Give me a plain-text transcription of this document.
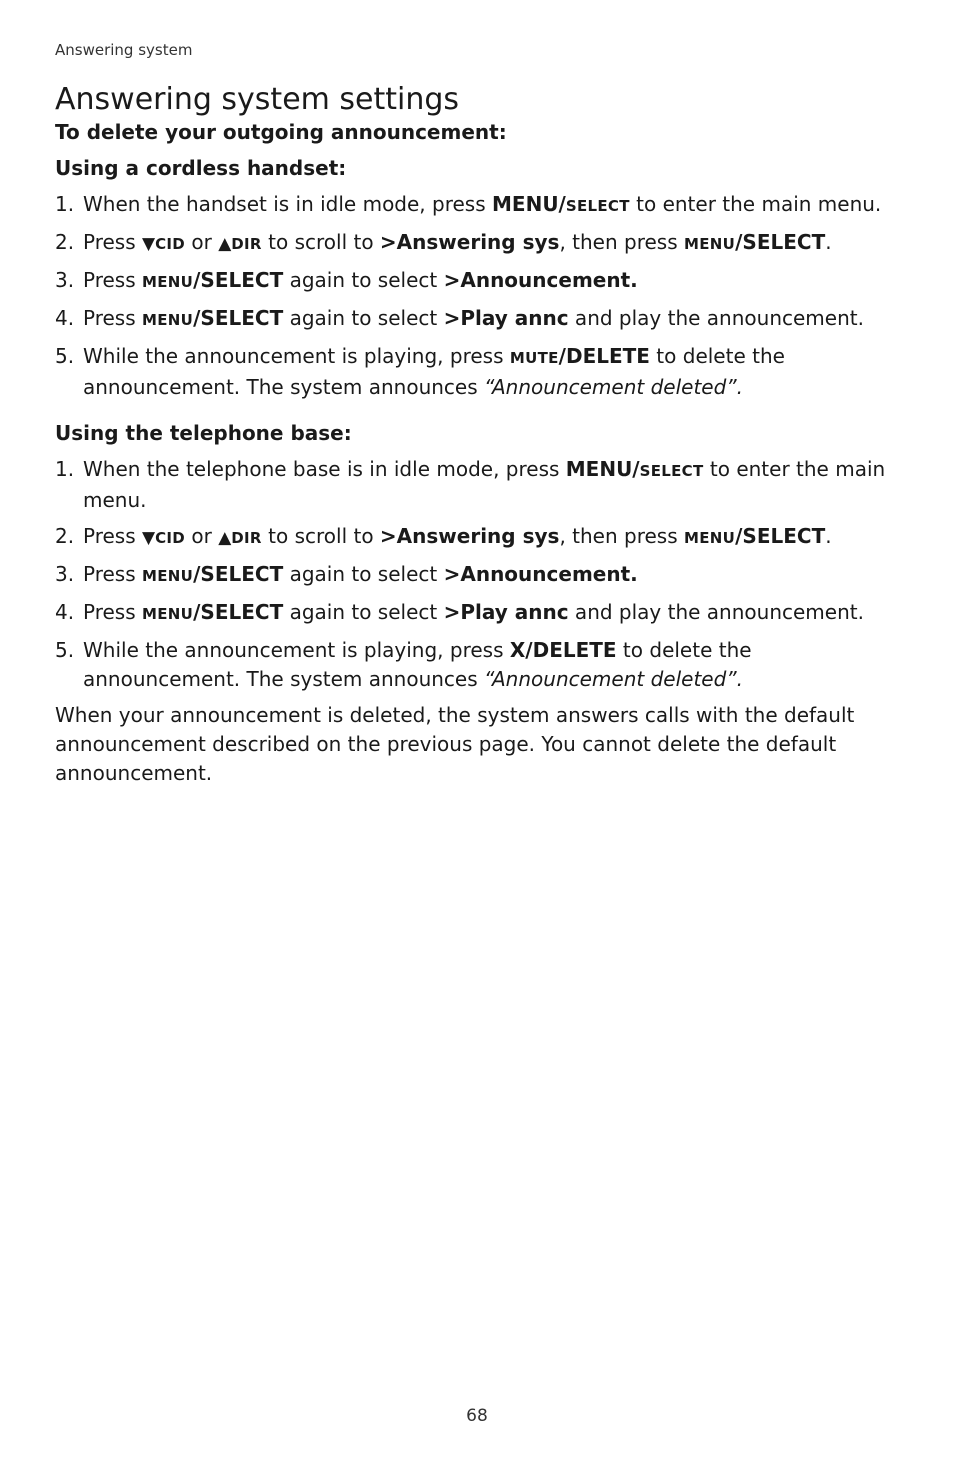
Answering system
Answering system settings

To delete your outgoing announcement:

Using a cordless handset:

1. When the handset is in idle mode, press MENU/SELECT to enter the main menu.
2. Press ▼CID or ▲DIR to scroll to >Answering sys, then press MENU/SELECT.
3. Press MENU/SELECT again to select >Announcement.
4. Press MENU/SELECT again to select >Play annc and play the announcement.
5. While the announcement is playing, press MUTE/DELETE to delete the announcement. The system announces “Announcement deleted”.

Using the telephone base:

1. When the telephone base is in idle mode, press MENU/SELECT to enter the main menu.
2. Press ▼CID or ▲DIR to scroll to >Answering sys, then press MENU/SELECT.
3. Press MENU/SELECT again to select >Announcement.
4. Press MENU/SELECT again to select >Play annc and play the announcement.
5. While the announcement is playing, press X/DELETE to delete the announcement. The system announces “Announcement deleted”.

When your announcement is deleted, the system answers calls with the default announcement described on the previous page. You cannot delete the default announcement.

68
